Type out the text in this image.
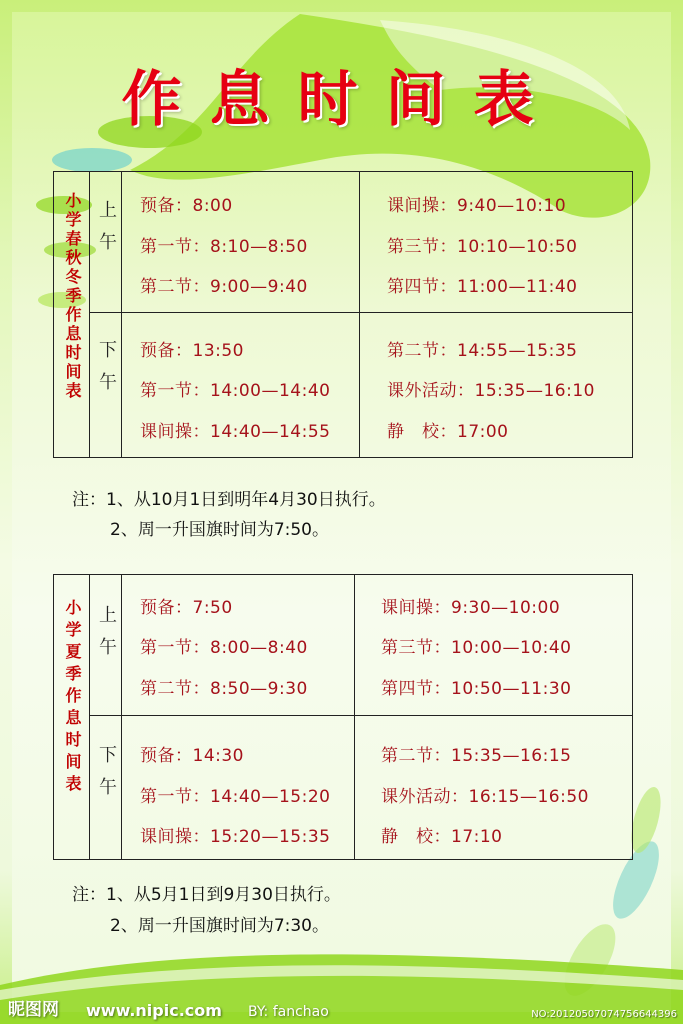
作息时间表
小学春秋冬季作息时间表 上午
下午
预备：8:00
第一节：8:10—8:50
第二节：9:00—9:40
课间操：9:40—10:10
第三节：10:10—10:50
第四节：11:00—11:40
预备：13:50
第一节：14:00—14:40
课间操：14:40—14:55
第二节：14:55—15:35
课外活动：15:35—16:10
静　校：17:00
注：1、从10月1日到明年4月30日执行。
2、周一升国旗时间为7:50。
小学夏季作息时间表 上午
下午
预备：7:50
第一节：8:00—8:40
第二节：8:50—9:30
课间操：9:30—10:00
第三节：10:00—10:40
第四节：10:50—11:30
预备：14:30
第一节：14:40—15:20
课间操：15:20—15:35
第二节：15:35—16:15
课外活动：16:15—16:50
静　校：17:10
注：1、从5月1日到9月30日执行。
2、周一升国旗时间为7:30。
昵图网 www.nipic.com BY: fanchao	NO:20120507074756644396
